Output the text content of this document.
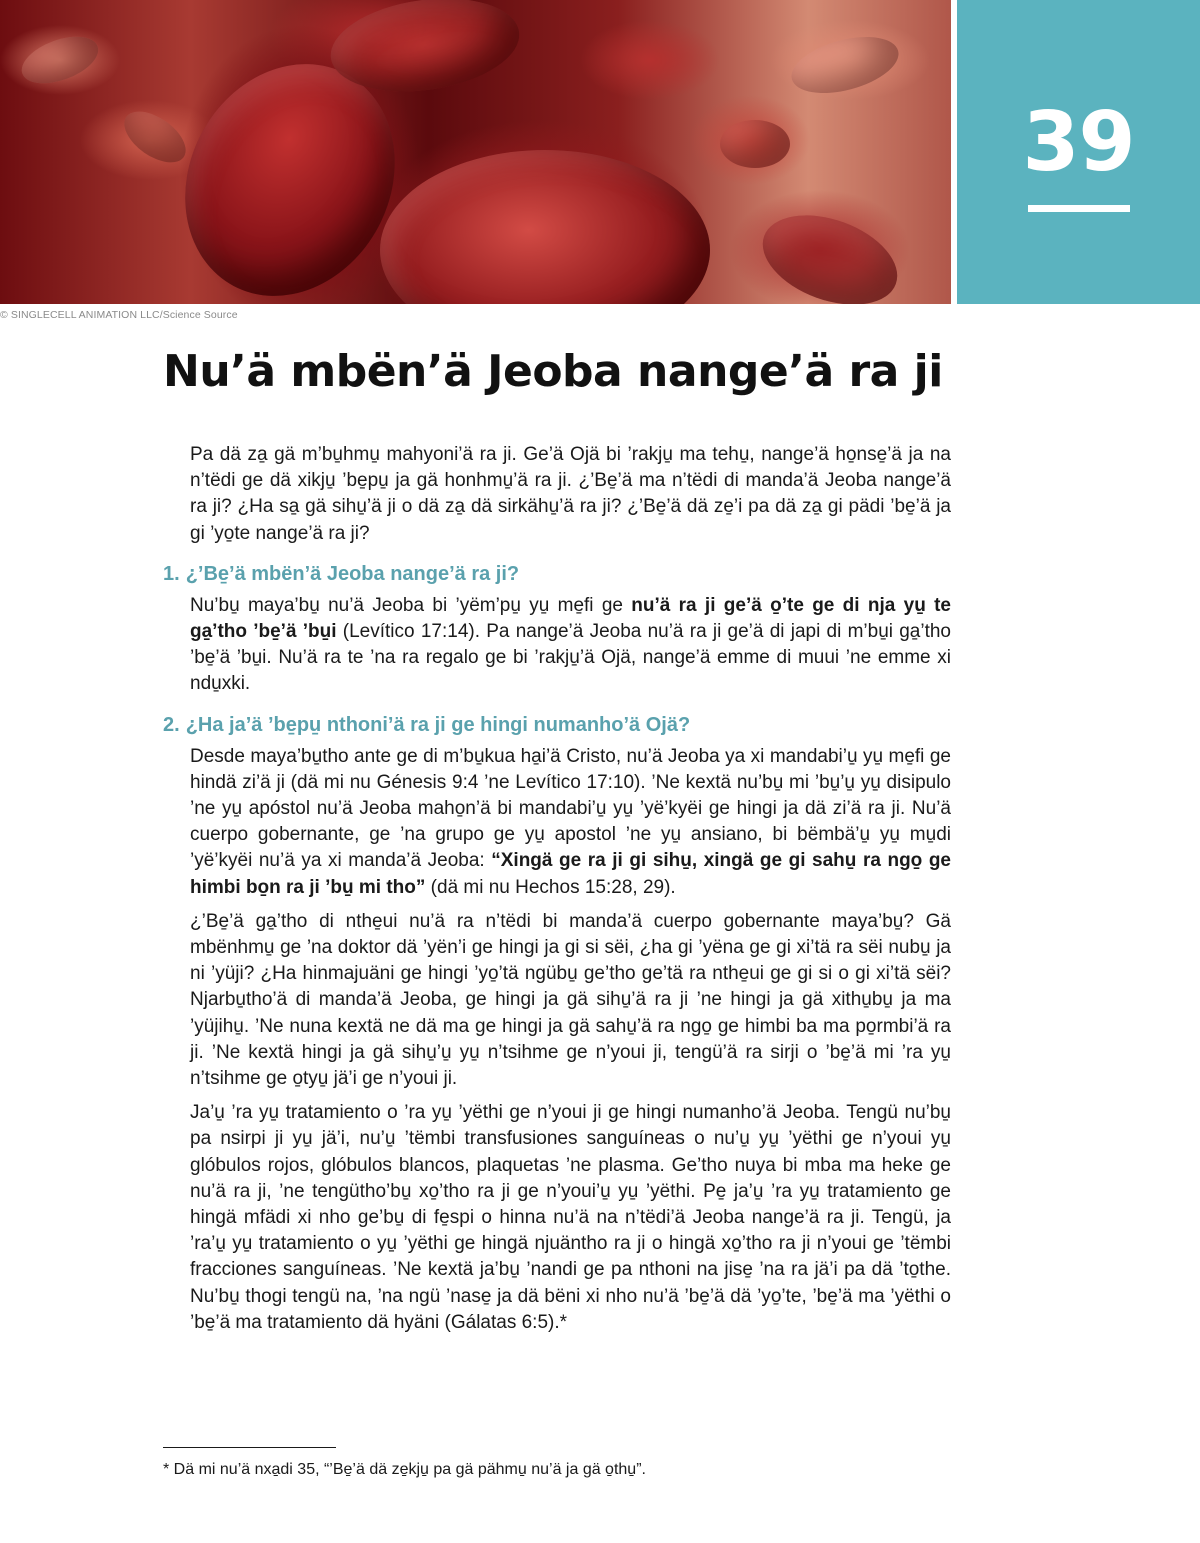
39
© SINGLECELL ANIMATION LLC/Science Source
Nu’ä mbën’ä Jeoba nange’ä ra ji

Pa dä za̱ gä m’bu̱hmu̱ mahyoni’ä ra ji. Ge’ä Ojä bi ’rakju̱ ma tehu̱, nange’ä ho̱nse̱’ä ja na n’tëdi ge dä xikju̱ ’be̱pu̱ ja gä honhmu̱’ä ra ji. ¿’Be̱’ä ma n’tëdi di manda’ä Jeoba nange’ä ra ji? ¿Ha sa̱ gä sihu̱’ä ji o dä za̱ dä sirkähu̱’ä ra ji? ¿’Be̱’ä dä ze̱’i pa dä za̱ gi pädi ’be̱’ä ja gi ’yo̱te nange’ä ra ji?

1. ¿’Be̱’ä mbën’ä Jeoba nange’ä ra ji?

Nu’bu̱ maya’bu̱ nu’ä Jeoba bi ’yëm’pu̱ yu̱ me̱fi ge nu’ä ra ji ge’ä o̱’te ge di nja yu̱ te ga̱’tho ’be̱’ä ’bu̱i (Levítico 17:14). Pa nange’ä Jeoba nu’ä ra ji ge’ä di japi di m’bu̱i ga̱’tho ’be̱’ä ’bu̱i. Nu’ä ra te ’na ra regalo ge bi ’rakju̱’ä Ojä, nange’ä emme di muui ’ne emme xi ndu̱xki.

2. ¿Ha ja’ä ’be̱pu̱ nthoni’ä ra ji ge hingi numanho’ä Ojä?

Desde maya’bu̱tho ante ge di m’bu̱kua ha̱i’ä Cristo, nu’ä Jeoba ya xi mandabi’u̱ yu̱ me̱fi ge hindä zi’ä ji (dä mi nu Génesis 9:4 ’ne Levítico 17:10). ’Ne kextä nu’bu̱ mi ’bu̱’u̱ yu̱ disipulo ’ne yu̱ apóstol nu’ä Jeoba maho̱n’ä bi mandabi’u̱ yu̱ ’yë’kyëi ge hingi ja dä zi’ä ra ji. Nu’ä cuerpo gobernante, ge ’na grupo ge yu̱ apostol ’ne yu̱ ansiano, bi bëmbä’u̱ yu̱ mu̱di ’yë’kyëi nu’ä ya xi manda’ä Jeoba: “Xingä ge ra ji gi sihu̱, xingä ge gi sahu̱ ra ngo̱ ge himbi bo̱n ra ji ’bu̱ mi tho” (dä mi nu Hechos 15:28, 29).

¿’Be̱’ä ga̱’tho di nthe̱ui nu’ä ra n’tëdi bi manda’ä cuerpo gobernante maya’bu̱? Gä mbënhmu̱ ge ’na doktor dä ’yën’i ge hingi ja gi si sëi, ¿ha gi ’yëna ge gi xi’tä ra sëi nubu̱ ja ni ’yüji? ¿Ha hinmajuäni ge hingi ’yo̱’tä ngübu̱ ge’tho ge’tä ra nthe̱ui ge gi si o gi xi’tä sëi? Njarbu̱tho’ä di manda’ä Jeoba, ge hingi ja gä sihu̱’ä ra ji ’ne hingi ja gä xithu̱bu̱ ja ma ’yüjihu̱. ’Ne nuna kextä ne dä ma ge hingi ja gä sahu̱’ä ra ngo̱ ge himbi ba ma po̱rmbi’ä ra ji. ’Ne kextä hingi ja gä sihu̱’u̱ yu̱ n’tsihme ge n’youi ji, tengü’ä ra sirji o ’be̱’ä mi ’ra yu̱ n’tsihme ge o̱tyu̱ jä’i ge n’youi ji.

Ja’u̱ ’ra yu̱ tratamiento o ’ra yu̱ ’yëthi ge n’youi ji ge hingi numanho’ä Jeoba. Tengü nu’bu̱ pa nsirpi ji yu̱ jä’i, nu’u̱ ’tëmbi transfusiones sanguíneas o nu’u̱ yu̱ ’yëthi ge n’youi yu̱ glóbulos rojos, glóbulos blancos, plaquetas ’ne plasma. Ge’tho nuya bi mba ma heke ge nu’ä ra ji, ’ne tengütho’bu̱ xo̱’tho ra ji ge n’youi’u̱ yu̱ ’yëthi. Pe̱ ja’u̱ ’ra yu̱ tratamiento ge hingä mfädi xi nho ge’bu̱ di fe̱spi o hinna nu’ä na n’tëdi’ä Jeoba nange’ä ra ji. Tengü, ja ’ra’u̱ yu̱ tratamiento o yu̱ ’yëthi ge hingä njuäntho ra ji o hingä xo̱’tho ra ji n’youi ge ’tëmbi fracciones sanguíneas. ’Ne kextä ja’bu̱ ’nandi ge pa nthoni na jise̱ ’na ra jä’i pa dä ’to̱the. Nu’bu̱ thogi tengü na, ’na ngü ’nase̱ ja dä bëni xi nho nu’ä ’be̱’ä dä ’yo̱’te, ’be̱’ä ma ’yëthi o ’be̱’ä ma tratamiento dä hyäni (Gálatas 6:5).*

* Dä mi nu’ä nxa̱di 35, “’Be̱’ä dä ze̱kju̱ pa gä pähmu̱ nu’ä ja gä o̱thu̱”.
